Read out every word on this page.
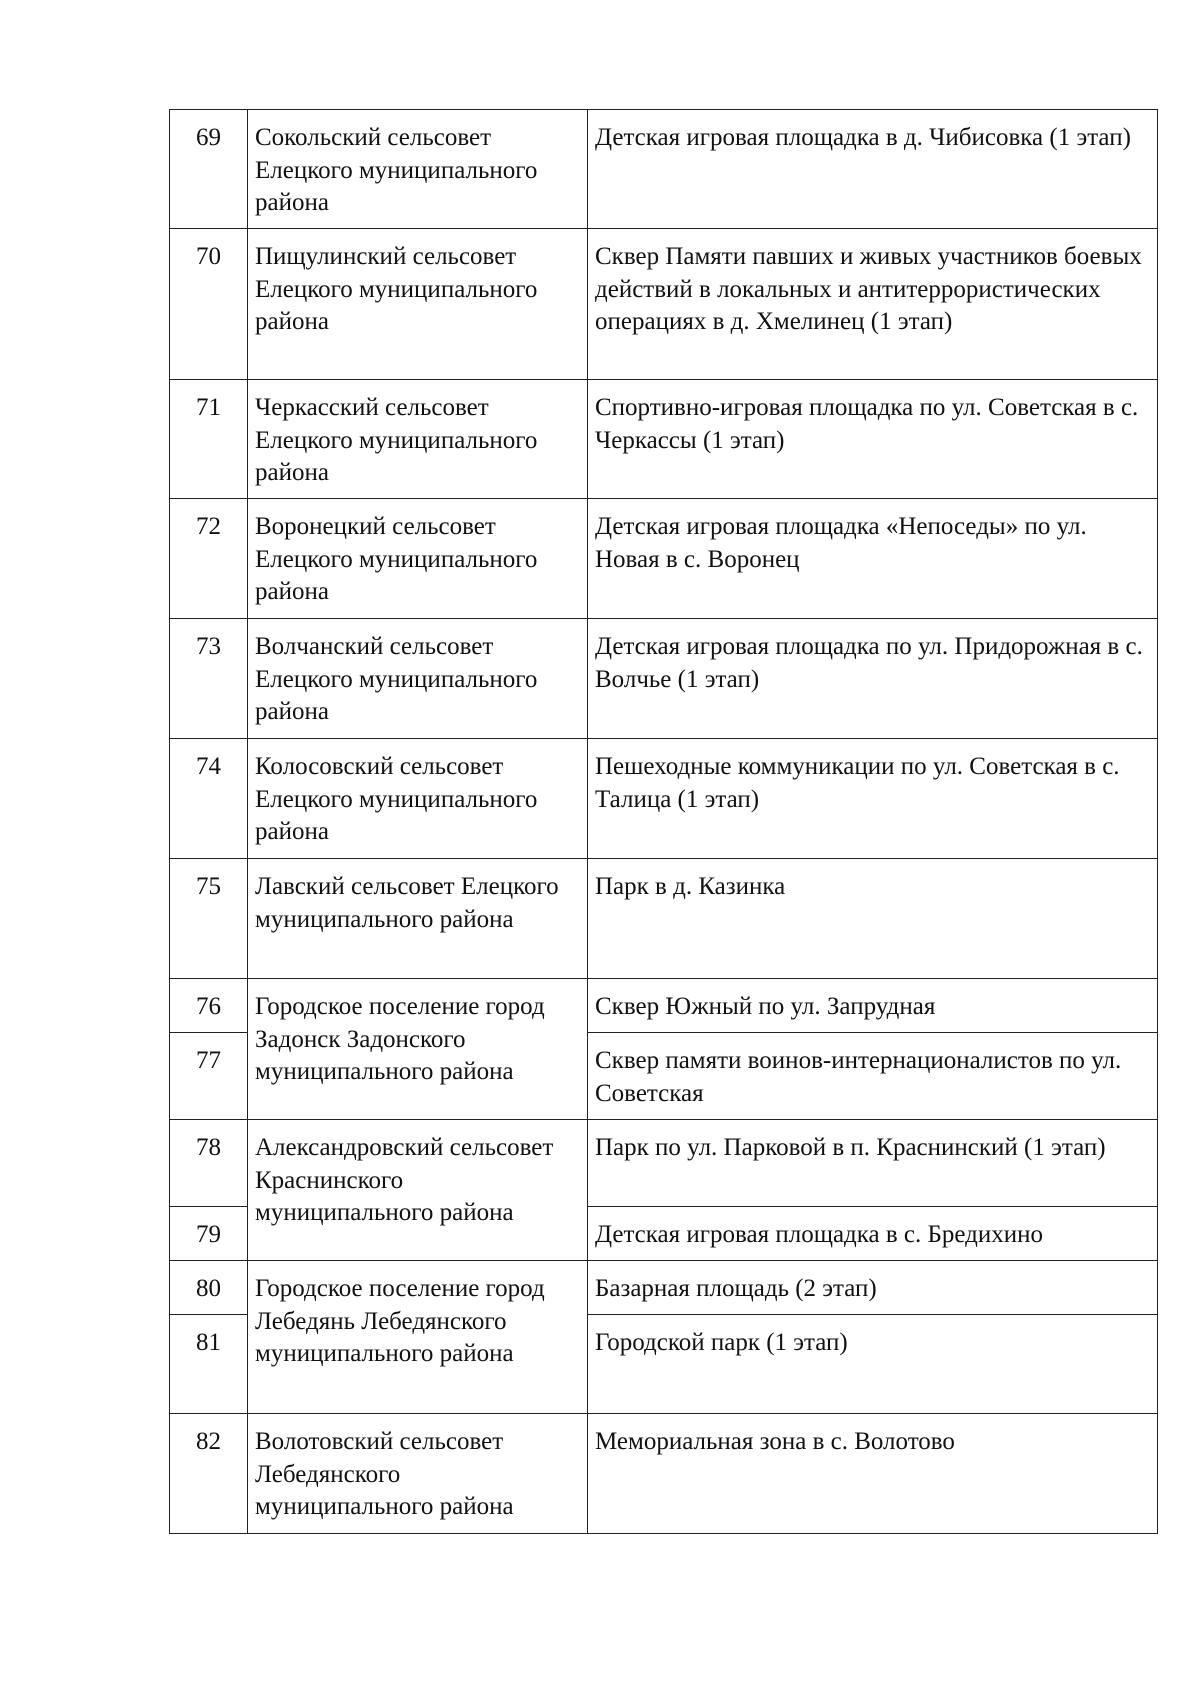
69	Сокольский сельсовет Елецкого муниципального района	Детская игровая площадка в д. Чибисовка (1 этап)
70	Пищулинский сельсовет Елецкого муниципального района	Сквер Памяти павших и живых участников боевых действий в локальных и антитеррористических операциях в д. Хмелинец (1 этап)
71	Черкасский сельсовет Елецкого муниципального района	Спортивно-игровая площадка по ул. Советская в с. Черкассы (1 этап)
72	Воронецкий сельсовет Елецкого муниципального района	Детская игровая площадка «Непоседы» по ул. Новая в с. Воронец
73	Волчанский сельсовет Елецкого муниципального района	Детская игровая площадка по ул. Придорожная в с. Волчье (1 этап)
74	Колосовский сельсовет Елецкого муниципального района	Пешеходные коммуникации по ул. Советская в с. Талица (1 этап)
75	Лавский сельсовет Елецкого муниципального района	Парк в д. Казинка
76	Городское поселение город Задонск Задонского муниципального района	Сквер Южный по ул. Запрудная
77		Сквер памяти воинов-интернационалистов по ул. Советская
78	Александровский сельсовет Краснинского муниципального района	Парк по ул. Парковой в п. Краснинский (1 этап)
79		Детская игровая площадка в с. Бредихино
80	Городское поселение город Лебедянь Лебедянского муниципального района	Базарная площадь (2 этап)
81		Городской парк (1 этап)
82	Волотовский сельсовет Лебедянского муниципального района	Мемориальная зона в с. Волотово
